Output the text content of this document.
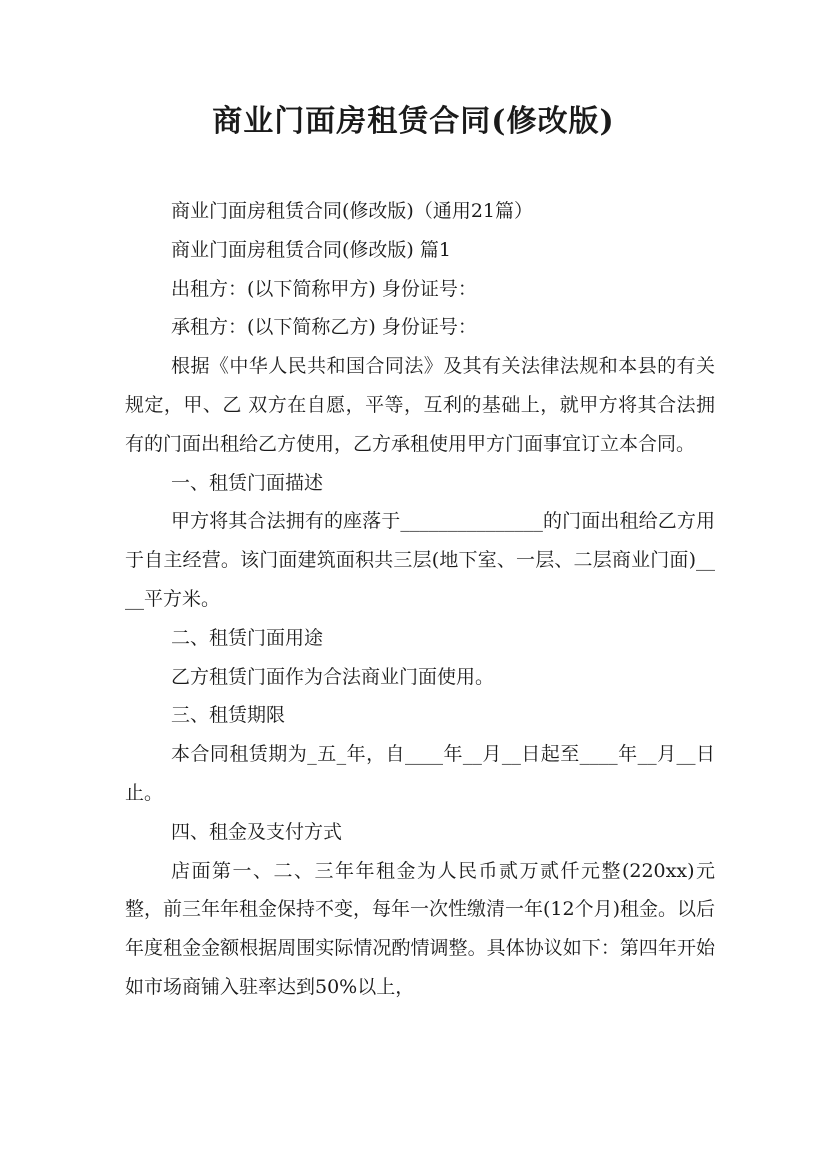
商业门面房租赁合同(修改版)

商业门面房租赁合同(修改版)（通用21篇）

商业门面房租赁合同(修改版) 篇1

出租方：(以下简称甲方) 身份证号：

承租方：(以下简称乙方) 身份证号：

根据《中华人民共和国合同法》及其有关法律法规和本县的有关规定，甲、乙 双方在自愿，平等，互利的基础上，就甲方将其合法拥有的门面出租给乙方使用，乙方承租使用甲方门面事宜订立本合同。

一、租赁门面描述

甲方将其合法拥有的座落于_______________的门面出租给乙方用于自主经营。该门面建筑面积共三层(地下室、一层、二层商业门面)____平方米。

二、租赁门面用途

乙方租赁门面作为合法商业门面使用。

三、租赁期限

本合同租赁期为_五_年，自____年__月__日起至____年__月__日止。

四、租金及支付方式

店面第一、二、三年年租金为人民币贰万贰仟元整(220xx)元整，前三年年租金保持不变，每年一次性缴清一年(12个月)租金。以后年度租金金额根据周围实际情况酌情调整。具体协议如下：第四年开始如市场商铺入驻率达到50%以上，
